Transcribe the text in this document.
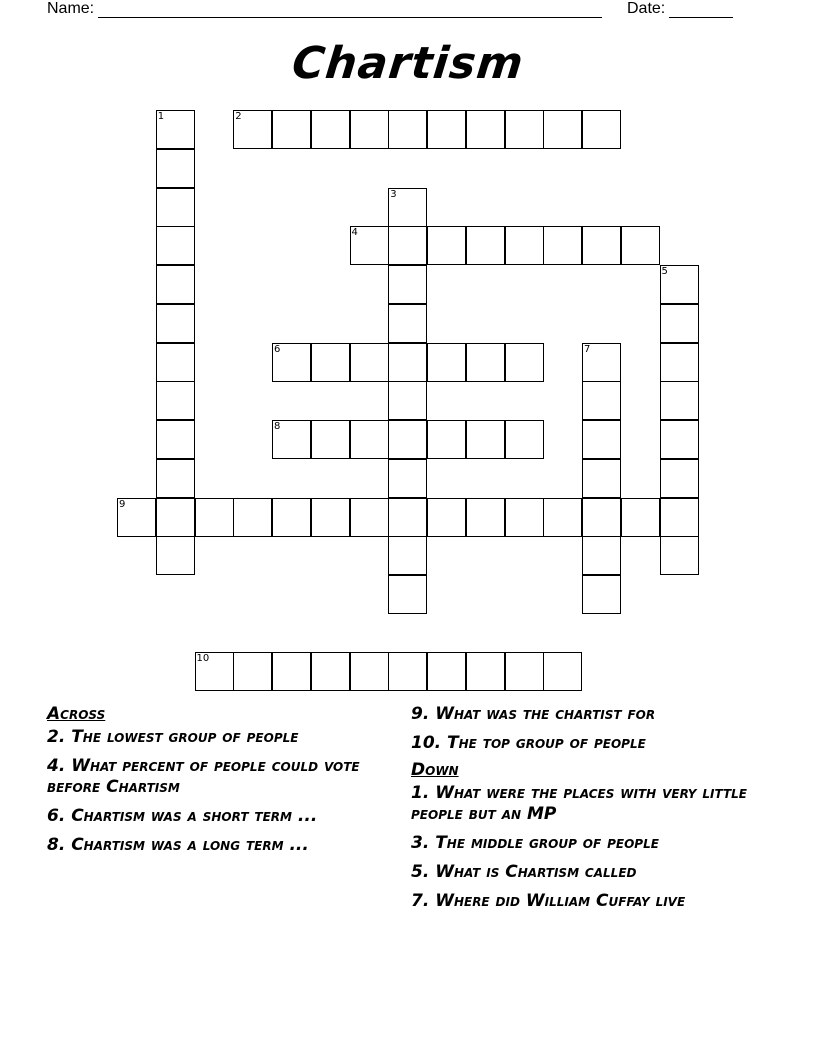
Name:	Date:
Chartism
1	2
3
4
5
6	7
8
9
10
Across
2. The lowest group of people
4. What percent of people could vote before Chartism
6. Chartism was a short term ...
8. Chartism was a long term ...
9. What was the chartist for
10. The top group of people
Down
1. What were the places with very little people but an MP
3. The middle group of people
5. What is Chartism called
7. Where did William Cuffay live
